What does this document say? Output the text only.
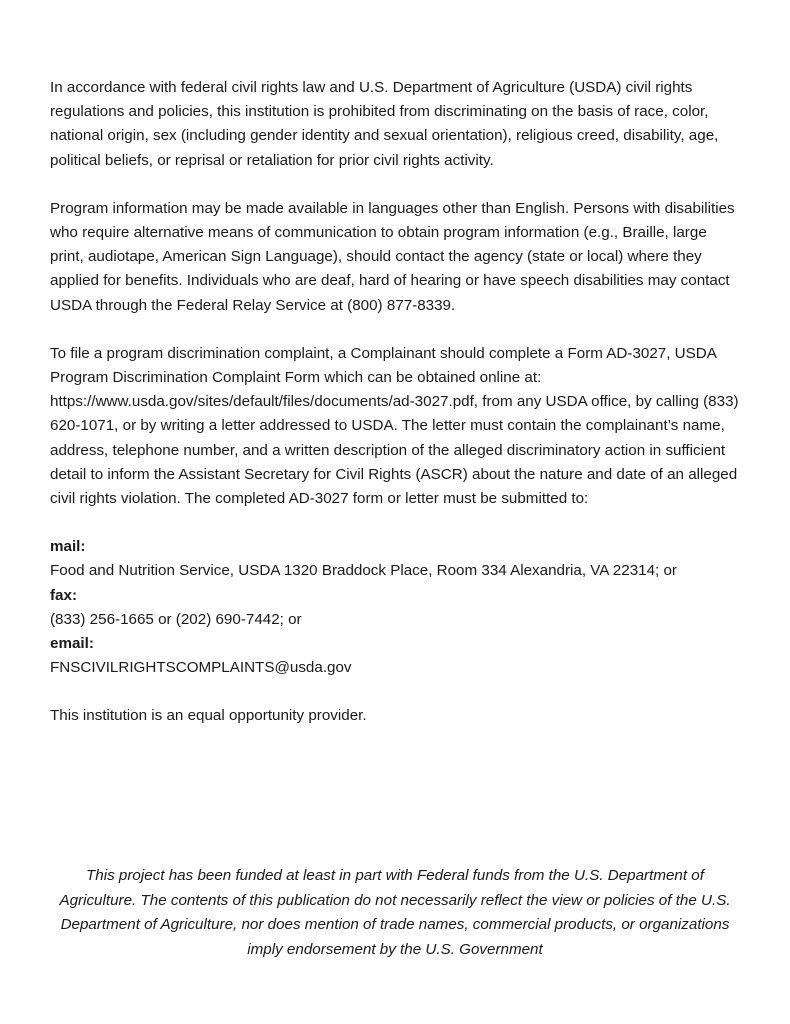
In accordance with federal civil rights law and U.S. Department of Agriculture (USDA) civil rights regulations and policies, this institution is prohibited from discriminating on the basis of race, color, national origin, sex (including gender identity and sexual orientation), religious creed, disability, age, political beliefs, or reprisal or retaliation for prior civil rights activity.

Program information may be made available in languages other than English. Persons with disabilities who require alternative means of communication to obtain program information (e.g., Braille, large print, audiotape, American Sign Language), should contact the agency (state or local) where they applied for benefits. Individuals who are deaf, hard of hearing or have speech disabilities may contact USDA through the Federal Relay Service at (800) 877-8339.

To file a program discrimination complaint, a Complainant should complete a Form AD-3027, USDA Program Discrimination Complaint Form which can be obtained online at: https://www.usda.gov/sites/default/files/documents/ad-3027.pdf, from any USDA office, by calling (833) 620-1071, or by writing a letter addressed to USDA. The letter must contain the complainant’s name, address, telephone number, and a written description of the alleged discriminatory action in sufficient detail to inform the Assistant Secretary for Civil Rights (ASCR) about the nature and date of an alleged civil rights violation. The completed AD-3027 form or letter must be submitted to:

mail:
Food and Nutrition Service, USDA 1320 Braddock Place, Room 334 Alexandria, VA 22314; or
fax:
(833) 256-1665 or (202) 690-7442; or
email:
FNSCIVILRIGHTSCOMPLAINTS@usda.gov

This institution is an equal opportunity provider.

This project has been funded at least in part with Federal funds from the U.S. Department of Agriculture. The contents of this publication do not necessarily reflect the view or policies of the U.S. Department of Agriculture, nor does mention of trade names, commercial products, or organizations imply endorsement by the U.S. Government
